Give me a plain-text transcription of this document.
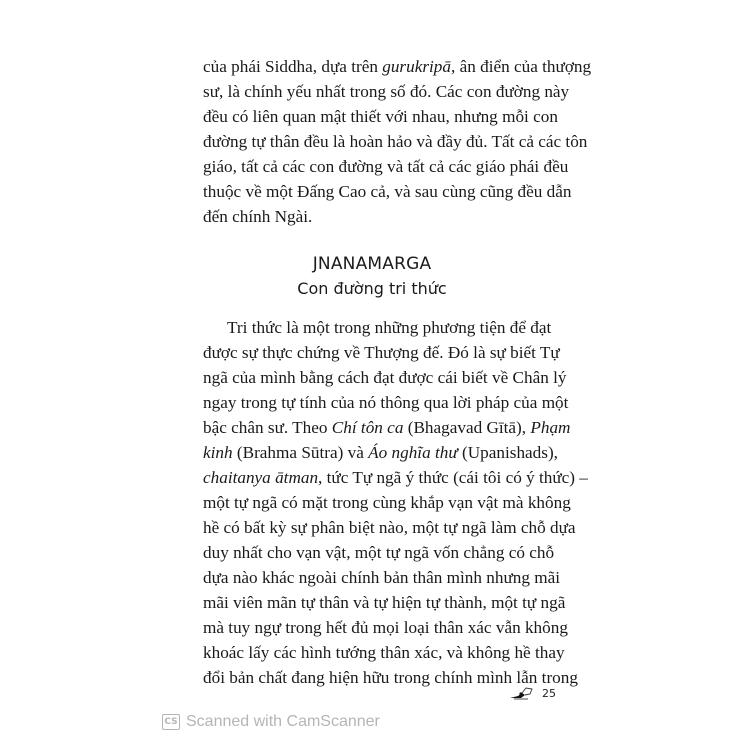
của phái Siddha, dựa trên gurukripā, ân điển của thượng
sư, là chính yếu nhất trong số đó. Các con đường này
đều có liên quan mật thiết với nhau, nhưng mỗi con
đường tự thân đều là hoàn hảo và đầy đủ. Tất cả các tôn
giáo, tất cả các con đường và tất cả các giáo phái đều
thuộc về một Đấng Cao cả, và sau cùng cũng đều dẫn
đến chính Ngài.
JNANAMARGA
Con đường tri thức
Tri thức là một trong những phương tiện để đạt
được sự thực chứng về Thượng đế. Đó là sự biết Tự
ngã của mình bằng cách đạt được cái biết về Chân lý
ngay trong tự tính của nó thông qua lời pháp của một
bậc chân sư. Theo Chí tôn ca (Bhagavad Gītā), Phạm
kinh (Brahma Sūtra) và Áo nghĩa thư (Upanishads),
chaitanya ātman, tức Tự ngã ý thức (cái tôi có ý thức) –
một tự ngã có mặt trong cùng khắp vạn vật mà không
hề có bất kỳ sự phân biệt nào, một tự ngã làm chỗ dựa
duy nhất cho vạn vật, một tự ngã vốn chẳng có chỗ
dựa nào khác ngoài chính bản thân mình nhưng mãi
mãi viên mãn tự thân và tự hiện tự thành, một tự ngã
mà tuy ngự trong hết đủ mọi loại thân xác vẫn không
khoác lấy các hình tướng thân xác, và không hề thay
đổi bản chất đang hiện hữu trong chính mình lẫn trong
25
CS Scanned with CamScanner
